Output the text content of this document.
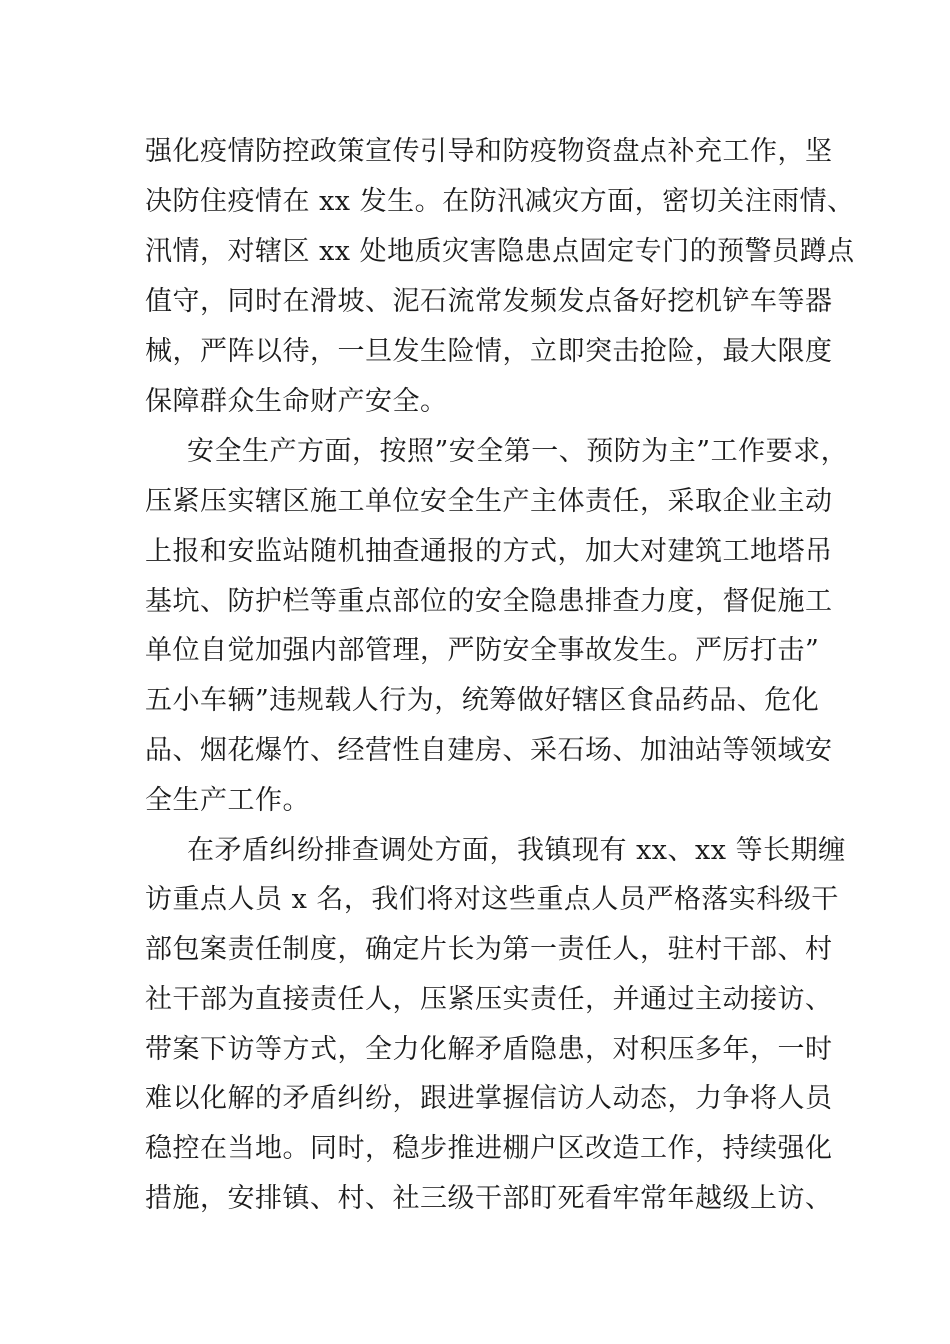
强化疫情防控政策宣传引导和防疫物资盘点补充工作，坚
决防住疫情在 xx 发生。在防汛减灾方面，密切关注雨情、
汛情，对辖区 xx 处地质灾害隐患点固定专门的预警员蹲点
值守，同时在滑坡、泥石流常发频发点备好挖机铲车等器
械，严阵以待，一旦发生险情，立即突击抢险，最大限度
保障群众生命财产安全。
安全生产方面，按照”安全第一、预防为主”工作要求，
压紧压实辖区施工单位安全生产主体责任，采取企业主动
上报和安监站随机抽查通报的方式，加大对建筑工地塔吊
基坑、防护栏等重点部位的安全隐患排查力度，督促施工
单位自觉加强内部管理，严防安全事故发生。严厉打击”
五小车辆”违规载人行为，统筹做好辖区食品药品、危化
品、烟花爆竹、经营性自建房、采石场、加油站等领域安
全生产工作。
在矛盾纠纷排查调处方面，我镇现有 xx、xx 等长期缠
访重点人员 x 名，我们将对这些重点人员严格落实科级干
部包案责任制度，确定片长为第一责任人，驻村干部、村
社干部为直接责任人，压紧压实责任，并通过主动接访、
带案下访等方式，全力化解矛盾隐患，对积压多年，一时
难以化解的矛盾纠纷，跟进掌握信访人动态，力争将人员
稳控在当地。同时，稳步推进棚户区改造工作，持续强化
措施，安排镇、村、社三级干部盯死看牢常年越级上访、
